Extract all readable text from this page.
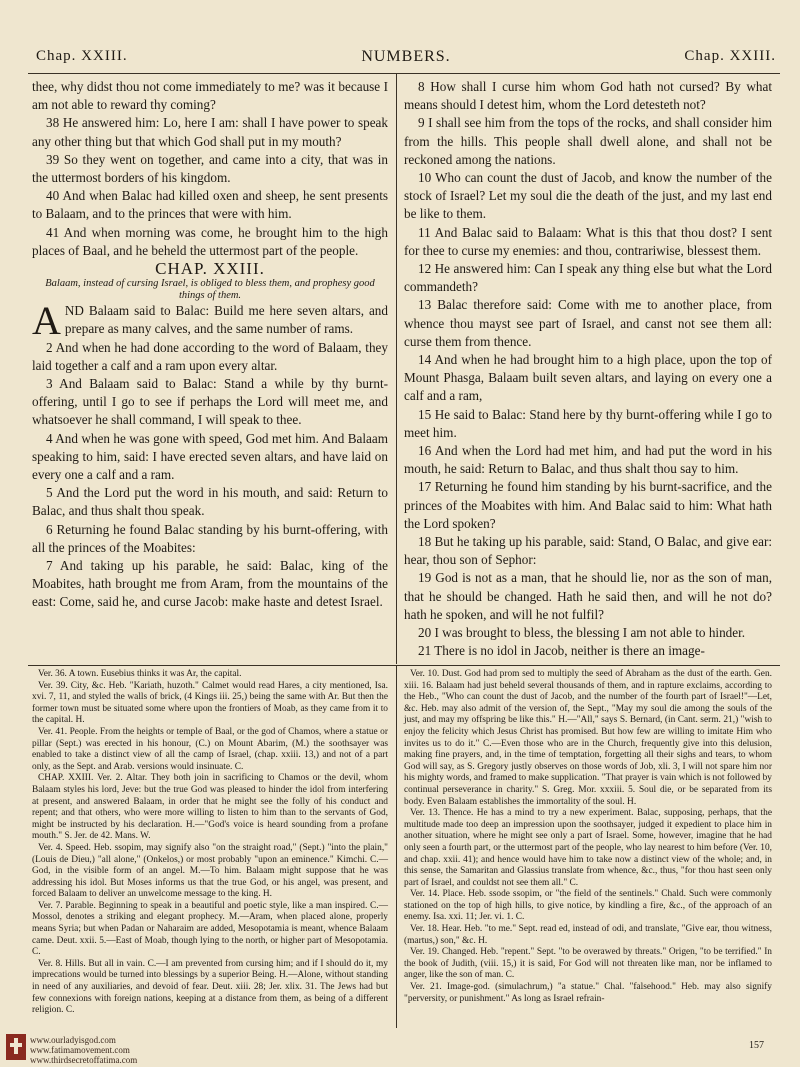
Chap. XXIII.	NUMBERS.	Chap. XXIII.

thee, why didst thou not come immediately to me? was it because I am not able to reward thy coming?

38 He answered him: Lo, here I am: shall I have power to speak any other thing but that which God shall put in my mouth?

39 So they went on together, and came into a city, that was in the uttermost borders of his kingdom.

40 And when Balac had killed oxen and sheep, he sent presents to Balaam, and to the princes that were with him.

41 And when morning was come, he brought him to the high places of Baal, and he beheld the uttermost part of the people.

CHAP. XXIII.

Balaam, instead of cursing Israel, is obliged to bless them, and prophesy good things of them.

AND Balaam said to Balac: Build me here seven altars, and prepare as many calves, and the same number of rams.

2 And when he had done according to the word of Balaam, they laid together a calf and a ram upon every altar.

3 And Balaam said to Balac: Stand a while by thy burnt-offering, until I go to see if perhaps the Lord will meet me, and whatsoever he shall command, I will speak to thee.

4 And when he was gone with speed, God met him. And Balaam speaking to him, said: I have erected seven altars, and have laid on every one a calf and a ram.

5 And the Lord put the word in his mouth, and said: Return to Balac, and thus shalt thou speak.

6 Returning he found Balac standing by his burnt-offering, with all the princes of the Moabites:

7 And taking up his parable, he said: Balac, king of the Moabites, hath brought me from Aram, from the mountains of the east: Come, said he, and curse Jacob: make haste and detest Israel.

8 How shall I curse him whom God hath not cursed? By what means should I detest him, whom the Lord detesteth not?

9 I shall see him from the tops of the rocks, and shall consider him from the hills. This people shall dwell alone, and shall not be reckoned among the nations.

10 Who can count the dust of Jacob, and know the number of the stock of Israel? Let my soul die the death of the just, and my last end be like to them.

11 And Balac said to Balaam: What is this that thou dost? I sent for thee to curse my enemies: and thou, contrariwise, blessest them.

12 He answered him: Can I speak any thing else but what the Lord commandeth?

13 Balac therefore said: Come with me to another place, from whence thou mayst see part of Israel, and canst not see them all: curse them from thence.

14 And when he had brought him to a high place, upon the top of Mount Phasga, Balaam built seven altars, and laying on every one a calf and a ram,

15 He said to Balac: Stand here by thy burnt-offering while I go to meet him.

16 And when the Lord had met him, and had put the word in his mouth, he said: Return to Balac, and thus shalt thou say to him.

17 Returning he found him standing by his burnt-sacrifice, and the princes of the Moabites with him. And Balac said to him: What hath the Lord spoken?

18 But he taking up his parable, said: Stand, O Balac, and give ear: hear, thou son of Sephor:

19 God is not as a man, that he should lie, nor as the son of man, that he should be changed. Hath he said then, and will he not do? hath he spoken, and will he not fulfil?

20 I was brought to bless, the blessing I am not able to hinder.

21 There is no idol in Jacob, neither is there an image-

Ver. 36. A town. Eusebius thinks it was Ar, the capital.

Ver. 39. City, &c. Heb. "Kariath, huzoth." Calmet would read Hares, a city mentioned, Isa. xvi. 7, 11, and styled the walls of brick, (4 Kings iii. 25,) being the same with Ar. But then the former town must be situated some where upon the frontiers of Moab, as they came from it to the capital. H.

Ver. 41. People. From the heights or temple of Baal, or the god of Chamos, where a statue or pillar (Sept.) was erected in his honour, (C.) on Mount Abarim, (M.) the soothsayer was enabled to take a distinct view of all the camp of Israel, (chap. xxiii. 13,) and not of a part only, as the Sept. and Arab. versions would insinuate. C.

CHAP. XXIII. Ver. 2. Altar. They both join in sacrificing to Chamos or the devil, whom Balaam styles his lord, Jeve: but the true God was pleased to hinder the idol from interfering at present, and answered Balaam, in order that he might see the folly of his conduct and repent; and that others, who were more willing to listen to him than to the servants of God, might be instructed by his declaration. H.—"God's voice is heard sounding from a profane mouth." S. Jer. de 42. Mans. W.

Ver. 4. Speed. Heb. ssopim, may signify also "on the straight road," (Sept.) "into the plain," (Louis de Dieu,) "all alone," (Onkelos,) or most probably "upon an eminence." Kimchi. C.—God, in the visible form of an angel. M.—To him. Balaam might suppose that he was addressing his idol. But Moses informs us that the true God, or his angel, was present, and forced Balaam to deliver an unwelcome message to the king. H.

Ver. 7. Parable. Beginning to speak in a beautiful and poetic style, like a man inspired. C.—Mossol, denotes a striking and elegant prophecy. M.—Aram, when placed alone, properly means Syria; but when Padan or Naharaim are added, Mesopotamia is meant, whence Balaam came. Deut. xxii. 5.—East of Moab, though lying to the north, or higher part of Mesopotamia. C.

Ver. 8. Hills. But all in vain. C.—I am prevented from cursing him; and if I should do it, my imprecations would be turned into blessings by a superior Being. H.—Alone, without standing in need of any auxiliaries, and devoid of fear. Deut. xiii. 28; Jer. xlix. 31. The Jews had but few connexions with foreign nations, keeping at a distance from them, as being of a different religion. C.

Ver. 10. Dust. God had prom sed to multiply the seed of Abraham as the dust of the earth. Gen. xiii. 16. Balaam had just beheld several thousands of them, and in rapture exclaims, according to the Heb., "Who can count the dust of Jacob, and the number of the fourth part of Israel!"—Let, &c. Heb. may also admit of the version of, the Sept., "May my soul die among the souls of the just, and may my offspring be like this." H.—"All," says S. Bernard, (in Cant. serm. 21,) "wish to enjoy the felicity which Jesus Christ has promised. But how few are willing to imitate Him who invites us to do it." C.—Even those who are in the Church, frequently give into this delusion, making fine prayers, and, in the time of temptation, forgetting all their sighs and tears, to whom God will say, as S. Gregory justly observes on those words of Job, xli. 3, I will not spare him nor his mighty words, and framed to make supplication. "That prayer is vain which is not followed by continual perseverance in charity." S. Greg. Mor. xxxiii. 5. Soul die, or be separated from its body. Even Balaam establishes the immortality of the soul. H.

Ver. 13. Thence. He has a mind to try a new experiment. Balac, supposing, perhaps, that the multitude made too deep an impression upon the soothsayer, judged it expedient to place him in another situation, where he might see only a part of Israel. Some, however, imagine that he had only seen a fourth part, or the uttermost part of the people, who lay nearest to him before (Ver. 10, and chap. xxii. 41); and hence would have him to take now a distinct view of the whole; and, in this sense, the Samaritan and Glassius translate from whence, &c., thus, "for thou hast seen only part of Israel, and couldst not see them all." C.

Ver. 14. Place. Heb. ssode ssopim, or "the field of the sentinels." Chald. Such were commonly stationed on the top of high hills, to give notice, by kindling a fire, &c., of the approach of an enemy. Isa. xxi. 11; Jer. vi. 1. C.

Ver. 18. Hear. Heb. "to me." Sept. read ed, instead of odi, and translate, "Give ear, thou witness, (martus,) son," &c. H.

Ver. 19. Changed. Heb. "repent." Sept. "to be overawed by threats." Origen, "to be terrified." In the book of Judith, (viii. 15,) it is said, For God will not threaten like man, nor be inflamed to anger, like the son of man. C.

Ver. 21. Image-god. (simulachrum,) "a statue." Chal. "falsehood." Heb. may also signify "perversity, or punishment." As long as Israel refrain-

www.ourladyisgod.com
www.fatimamovement.com
www.thirdsecretoffatima.com
157
